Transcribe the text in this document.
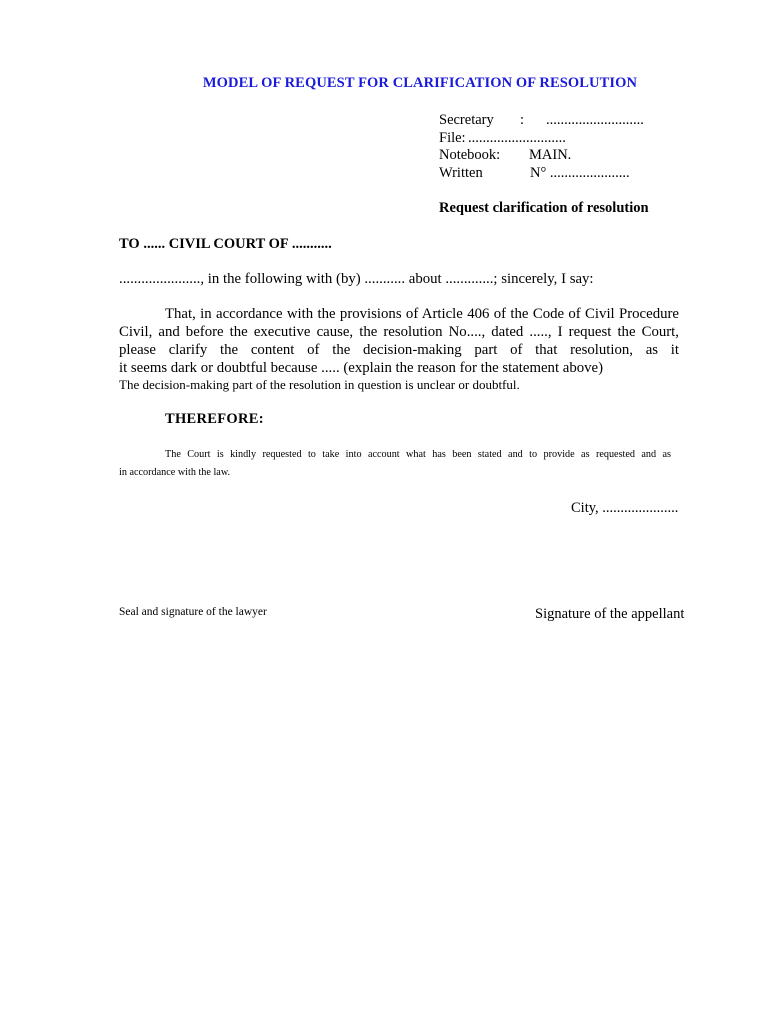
MODEL OF REQUEST FOR CLARIFICATION OF RESOLUTION
Secretary	:	...........................
File: ...........................
Notebook:	MAIN.
Written	N° ......................
Request clarification of resolution
TO ...... CIVIL COURT OF ...........
......................, in the following with (by) ........... about .............; sincerely, I say:
That, in accordance with the provisions of Article 406 of the Code of Civil Procedure
Civil, and before the executive cause, the resolution No...., dated ....., I request the Court,
please clarify the content of the decision-making part of that resolution, as it
it seems dark or doubtful because ..... (explain the reason for the statement above)
The decision-making part of the resolution in question is unclear or doubtful.
THEREFORE:
The Court is kindly requested to take into account what has been stated and to provide as requested and as
in accordance with the law.
City, .....................
Seal and signature of the lawyer	Signature of the appellant
